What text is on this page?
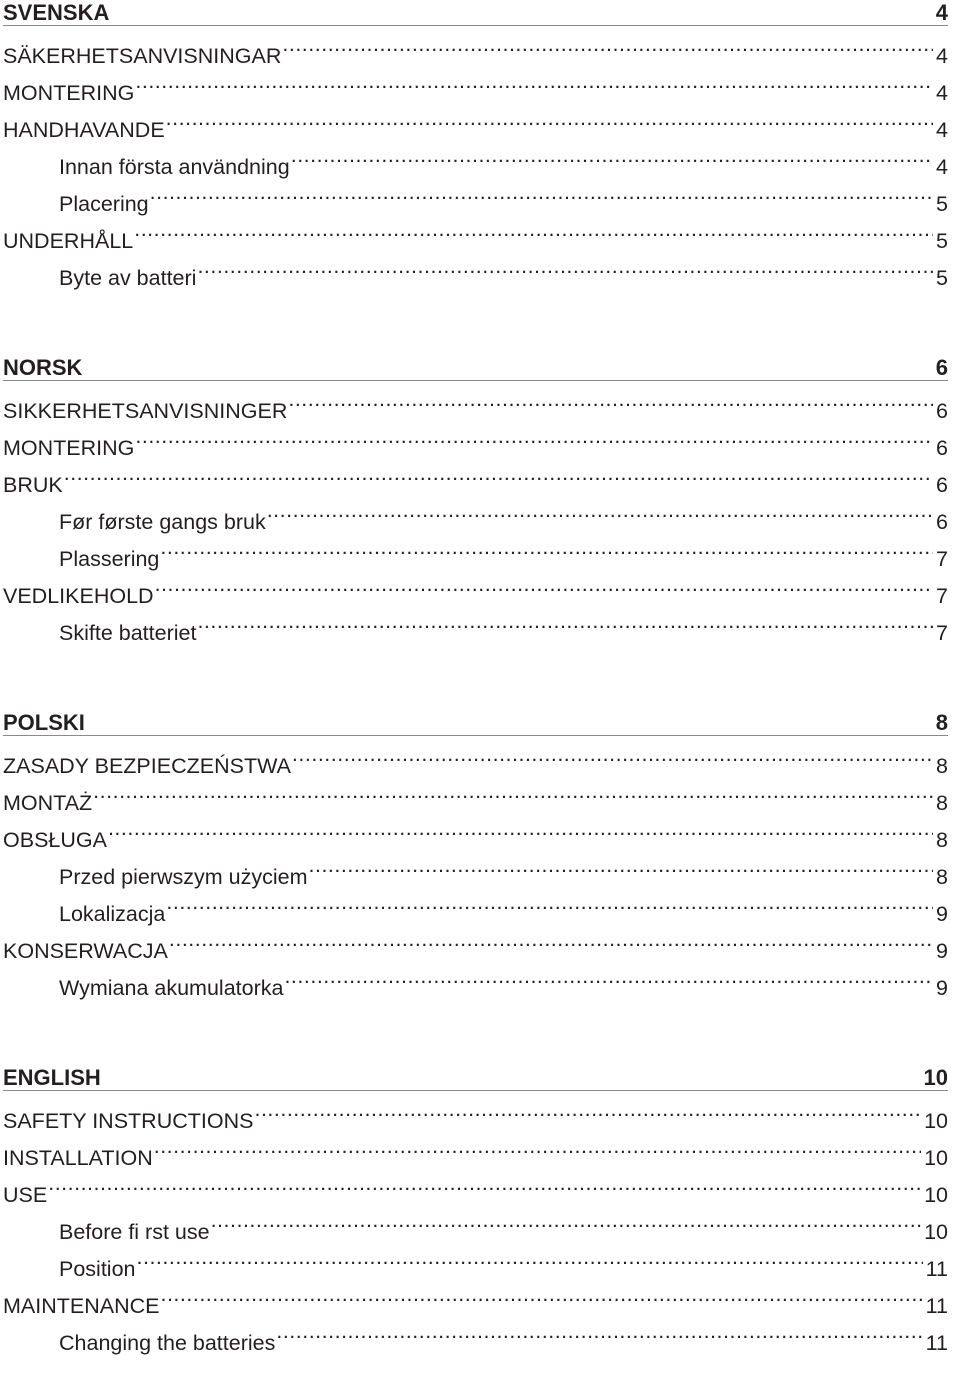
SVENSKA	4
SÄKERHETSANVISNINGAR .....	4
MONTERING .....	4
HANDHAVANDE .....	4
Innan första användning .....	4
Placering .....	5
UNDERHÅLL .....	5
Byte av batteri .....	5
NORSK	6
SIKKERHETSANVISNINGER .....	6
MONTERING .....	6
BRUK .....	6
Før første gangs bruk .....	6
Plassering .....	7
VEDLIKEHOLD .....	7
Skifte batteriet .....	7
POLSKI	8
ZASADY BEZPIECZEŃSTWA .....	8
MONTAŻ .....	8
OBSŁUGA .....	8
Przed pierwszym użyciem .....	8
Lokalizacja .....	9
KONSERWACJA .....	9
Wymiana akumulatorka .....	9
ENGLISH	10
SAFETY INSTRUCTIONS .....	10
INSTALLATION .....	10
USE .....	10
Before fi rst use .....	10
Position .....	11
MAINTENANCE .....	11
Changing the batteries .....	11
